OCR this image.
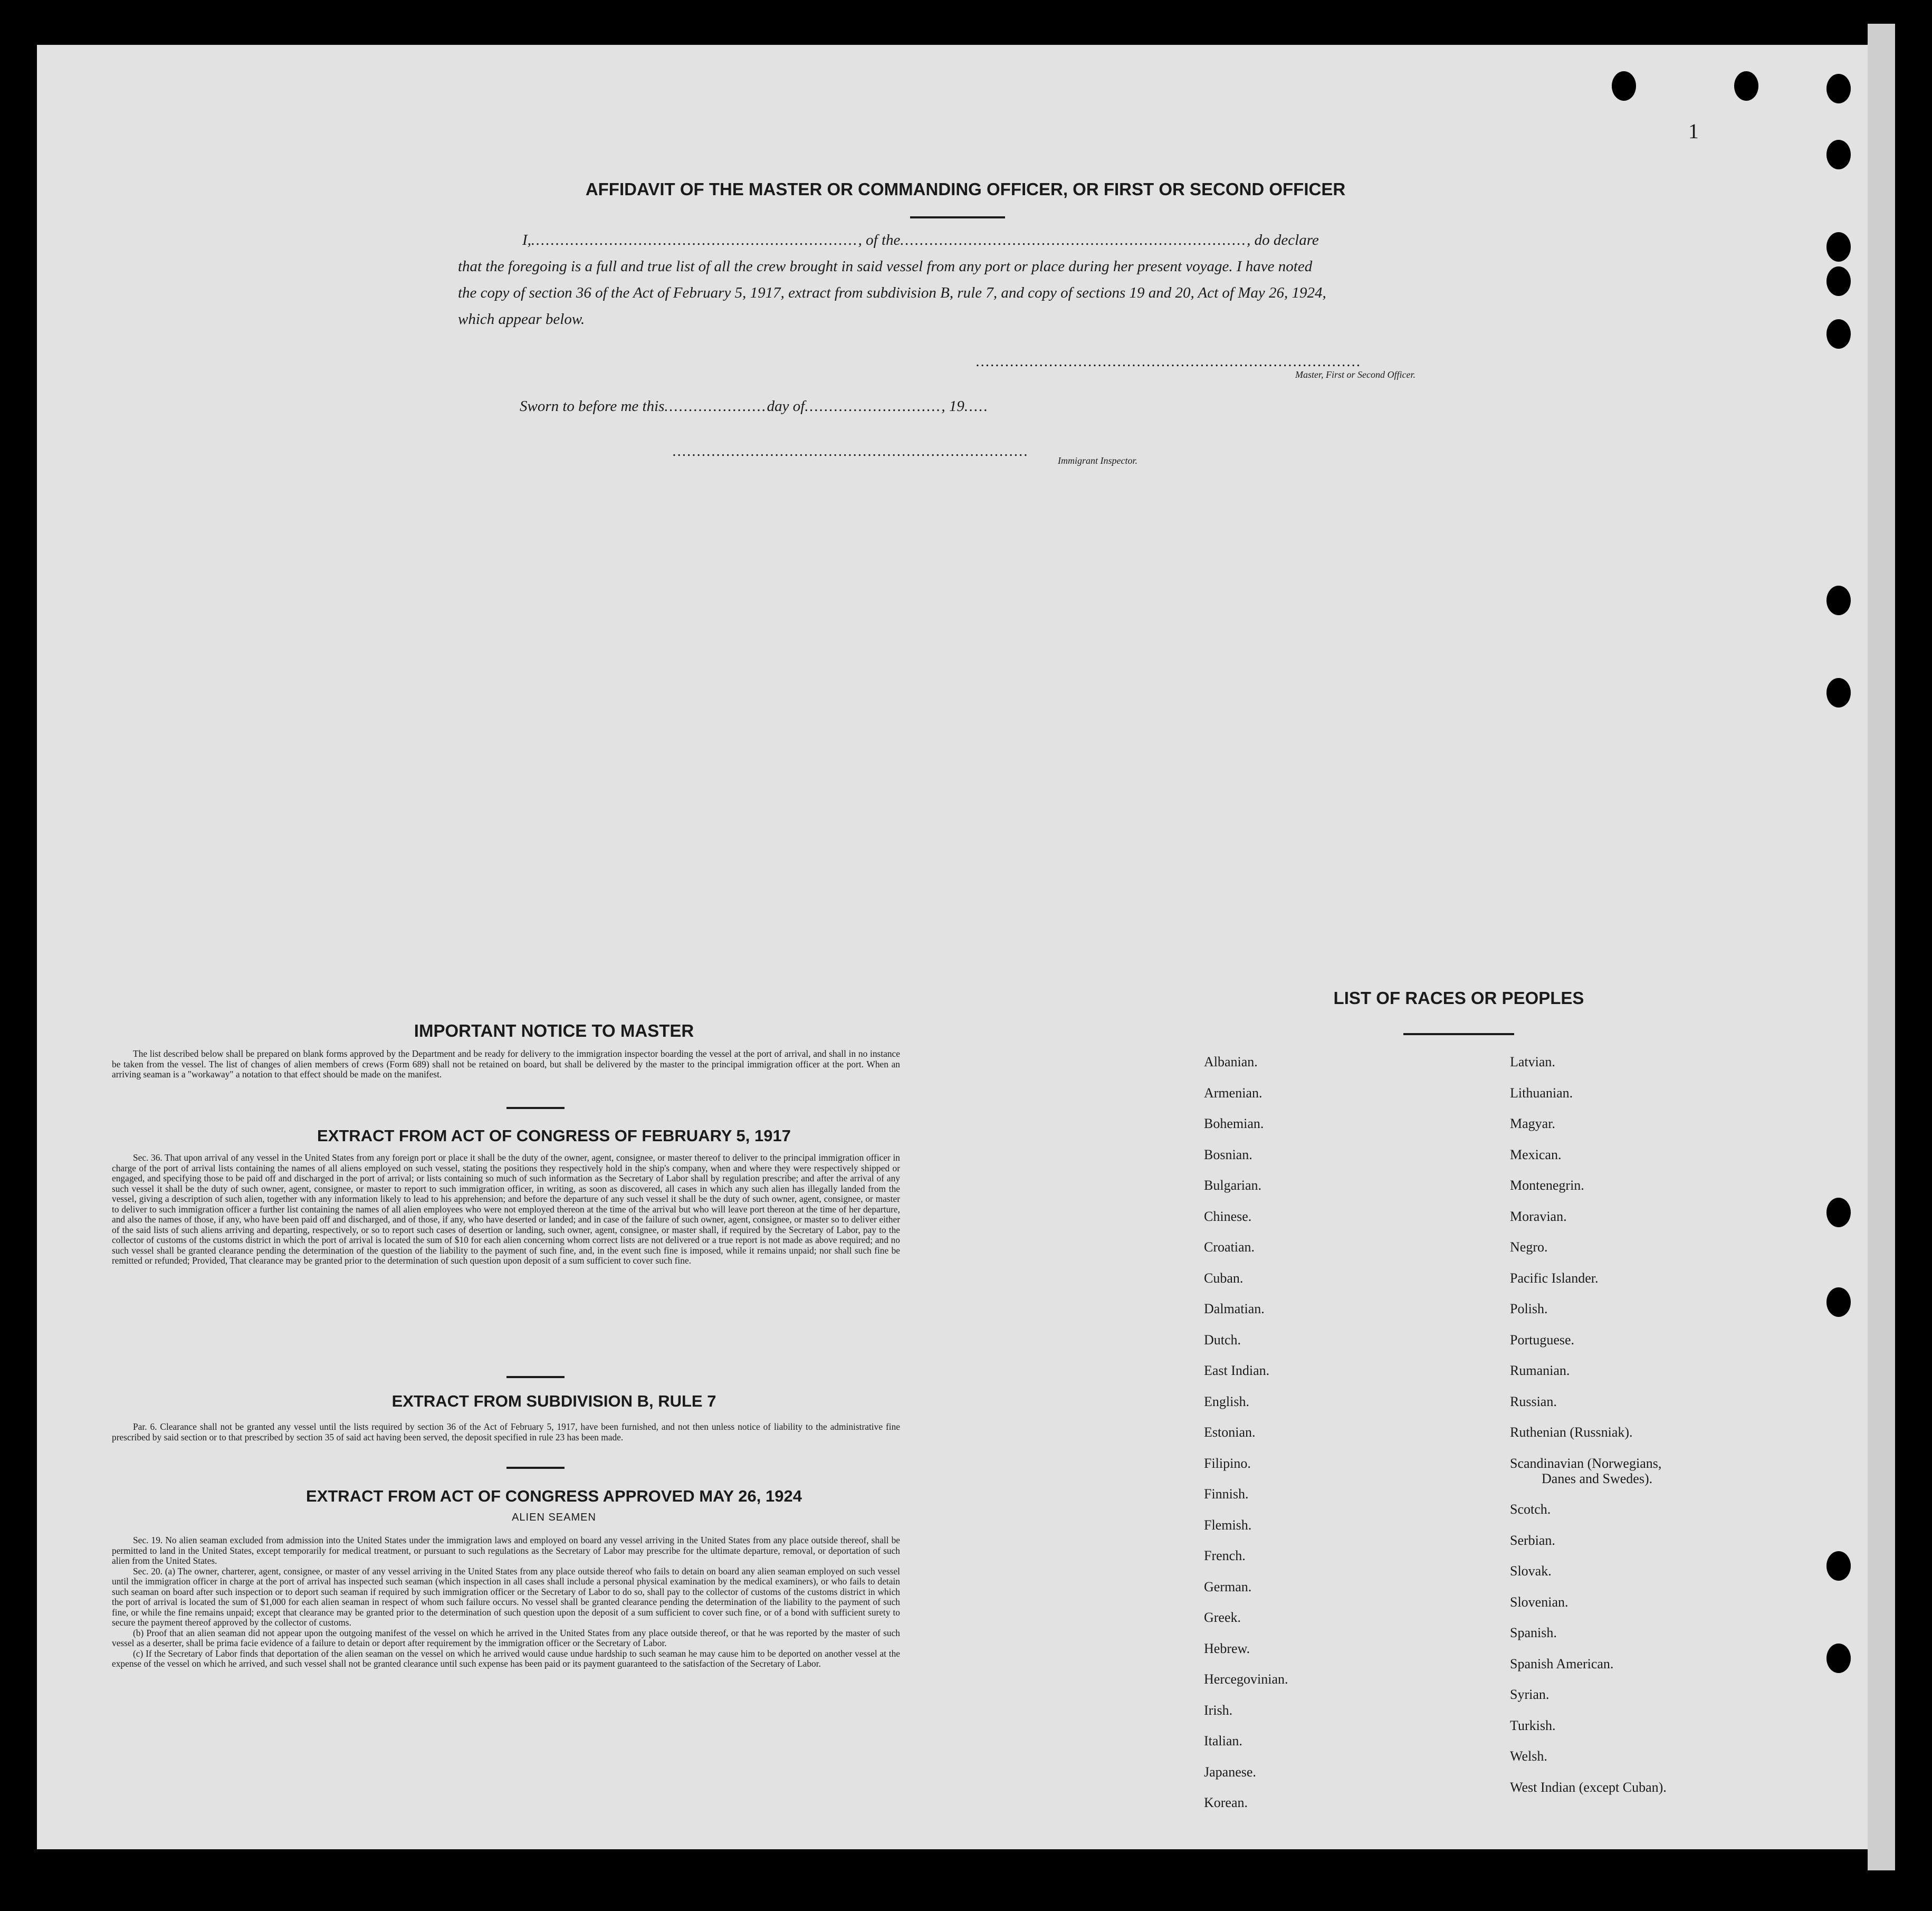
1
AFFIDAVIT OF THE MASTER OR COMMANDING OFFICER, OR FIRST OR SECOND OFFICER
I,..................................................................., of the......................................................................., do declare
that the foregoing is a full and true list of all the crew brought in said vessel from any port or place during her present voyage. I have noted
the copy of section 36 of the Act of February 5, 1917, extract from subdivision B, rule 7, and copy of sections 19 and 20, Act of May 26, 1924,
which appear below.
...............................................................................
Master, First or Second Officer.
Sworn to before me this.....................day of............................, 19.....
.........................................................................
Immigrant Inspector.
IMPORTANT NOTICE TO MASTER

The list described below shall be prepared on blank forms approved by the Department and be ready for delivery to the immigration inspector boarding the vessel at the port of arrival, and shall in no instance be taken from the vessel. The list of changes of alien members of crews (Form 689) shall not be retained on board, but shall be delivered by the master to the principal immigration officer at the port. When an arriving seaman is a "workaway" a notation to that effect should be made on the manifest.

EXTRACT FROM ACT OF CONGRESS OF FEBRUARY 5, 1917

Sec. 36. That upon arrival of any vessel in the United States from any foreign port or place it shall be the duty of the owner, agent, consignee, or master thereof to deliver to the principal immigration officer in charge of the port of arrival lists containing the names of all aliens employed on such vessel, stating the positions they respectively hold in the ship's company, when and where they were respectively shipped or engaged, and specifying those to be paid off and discharged in the port of arrival; or lists containing so much of such information as the Secretary of Labor shall by regulation prescribe; and after the arrival of any such vessel it shall be the duty of such owner, agent, consignee, or master to report to such immigration officer, in writing, as soon as discovered, all cases in which any such alien has illegally landed from the vessel, giving a description of such alien, together with any information likely to lead to his apprehension; and before the departure of any such vessel it shall be the duty of such owner, agent, consignee, or master to deliver to such immigration officer a further list containing the names of all alien employees who were not employed thereon at the time of the arrival but who will leave port thereon at the time of her departure, and also the names of those, if any, who have been paid off and discharged, and of those, if any, who have deserted or landed; and in case of the failure of such owner, agent, consignee, or master so to deliver either of the said lists of such aliens arriving and departing, respectively, or so to report such cases of desertion or landing, such owner, agent, consignee, or master shall, if required by the Secretary of Labor, pay to the collector of customs of the customs district in which the port of arrival is located the sum of $10 for each alien concerning whom correct lists are not delivered or a true report is not made as above required; and no such vessel shall be granted clearance pending the determination of the question of the liability to the payment of such fine, and, in the event such fine is imposed, while it remains unpaid; nor shall such fine be remitted or refunded; Provided, That clearance may be granted prior to the determination of such question upon deposit of a sum sufficient to cover such fine.

EXTRACT FROM SUBDIVISION B, RULE 7

Par. 6. Clearance shall not be granted any vessel until the lists required by section 36 of the Act of February 5, 1917, have been furnished, and not then unless notice of liability to the administrative fine prescribed by said section or to that prescribed by section 35 of said act having been served, the deposit specified in rule 23 has been made.

EXTRACT FROM ACT OF CONGRESS APPROVED MAY 26, 1924
ALIEN SEAMEN

Sec. 19. No alien seaman excluded from admission into the United States under the immigration laws and employed on board any vessel arriving in the United States from any place outside thereof, shall be permitted to land in the United States, except temporarily for medical treatment, or pursuant to such regulations as the Secretary of Labor may prescribe for the ultimate departure, removal, or deportation of such alien from the United States.

Sec. 20. (a) The owner, charterer, agent, consignee, or master of any vessel arriving in the United States from any place outside thereof who fails to detain on board any alien seaman employed on such vessel until the immigration officer in charge at the port of arrival has inspected such seaman (which inspection in all cases shall include a personal physical examination by the medical examiners), or who fails to detain such seaman on board after such inspection or to deport such seaman if required by such immigration officer or the Secretary of Labor to do so, shall pay to the collector of customs of the customs district in which the port of arrival is located the sum of $1,000 for each alien seaman in respect of whom such failure occurs. No vessel shall be granted clearance pending the determination of the liability to the payment of such fine, or while the fine remains unpaid; except that clearance may be granted prior to the determination of such question upon the deposit of a sum sufficient to cover such fine, or of a bond with sufficient surety to secure the payment thereof approved by the collector of customs.

(b) Proof that an alien seaman did not appear upon the outgoing manifest of the vessel on which he arrived in the United States from any place outside thereof, or that he was reported by the master of such vessel as a deserter, shall be prima facie evidence of a failure to detain or deport after requirement by the immigration officer or the Secretary of Labor.

(c) If the Secretary of Labor finds that deportation of the alien seaman on the vessel on which he arrived would cause undue hardship to such seaman he may cause him to be deported on another vessel at the expense of the vessel on which he arrived, and such vessel shall not be granted clearance until such expense has been paid or its payment guaranteed to the satisfaction of the Secretary of Labor.

LIST OF RACES OR PEOPLES
Albanian.
Armenian.
Bohemian.
Bosnian.
Bulgarian.
Chinese.
Croatian.
Cuban.
Dalmatian.
Dutch.
East Indian.
English.
Estonian.
Filipino.
Finnish.
Flemish.
French.
German.
Greek.
Hebrew.
Hercegovinian.
Irish.
Italian.
Japanese.
Korean.
Latvian.
Lithuanian.
Magyar.
Mexican.
Montenegrin.
Moravian.
Negro.
Pacific Islander.
Polish.
Portuguese.
Rumanian.
Russian.
Ruthenian (Russniak).
Scandinavian (Norwegians,
Danes and Swedes).
Scotch.
Serbian.
Slovak.
Slovenian.
Spanish.
Spanish American.
Syrian.
Turkish.
Welsh.
West Indian (except Cuban).
